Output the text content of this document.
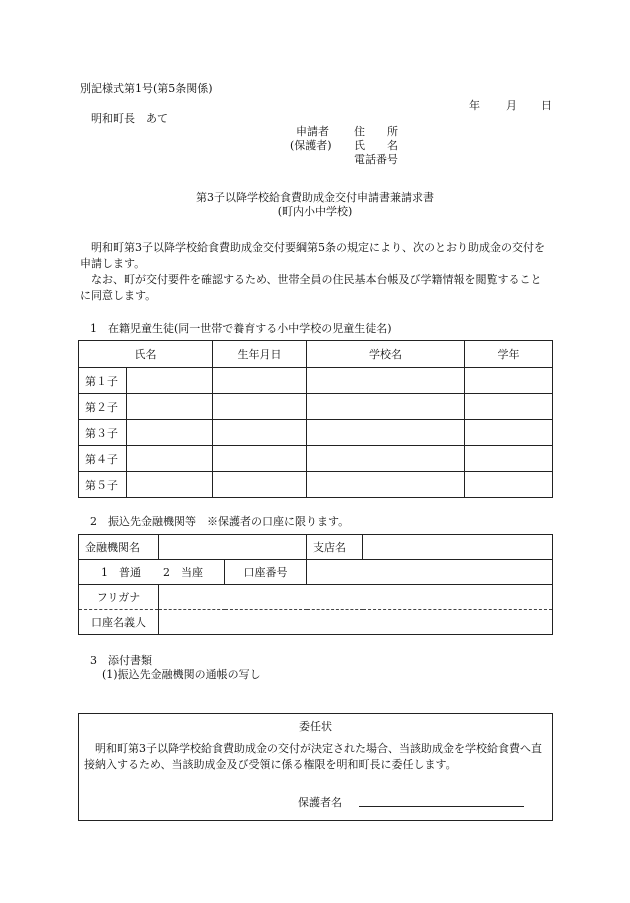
別記様式第1号(第5条関係)
年 月 日
明和町長　あて
申請者
(保護者)
住　　所
氏　　名
電話番号
第3子以降学校給食費助成金交付申請書兼請求書
(町内小中学校)
明和町第3子以降学校給食費助成金交付要綱第5条の規定により、次のとおり助成金の交付を申請します。
なお、町が交付要件を確認するため、世帯全員の住民基本台帳及び学籍情報を閲覧することに同意します。
1　在籍児童生徒(同一世帯で養育する小中学校の児童生徒名)
氏名		生年月日	学校名	学年
第１子				
第２子				
第３子				
第４子				
第５子				
2　振込先金融機関等　※保護者の口座に限ります。
金融機関名			支店名	
1　普通　　2　当座		口座番号		
フリガナ				
口座名義人				
3　添付書類
(1)振込先金融機関の通帳の写し
委任状
明和町第3子以降学校給食費助成金の交付が決定された場合、当該助成金を学校給食費へ直接納入するため、当該助成金及び受領に係る権限を明和町長に委任します。
保護者名
